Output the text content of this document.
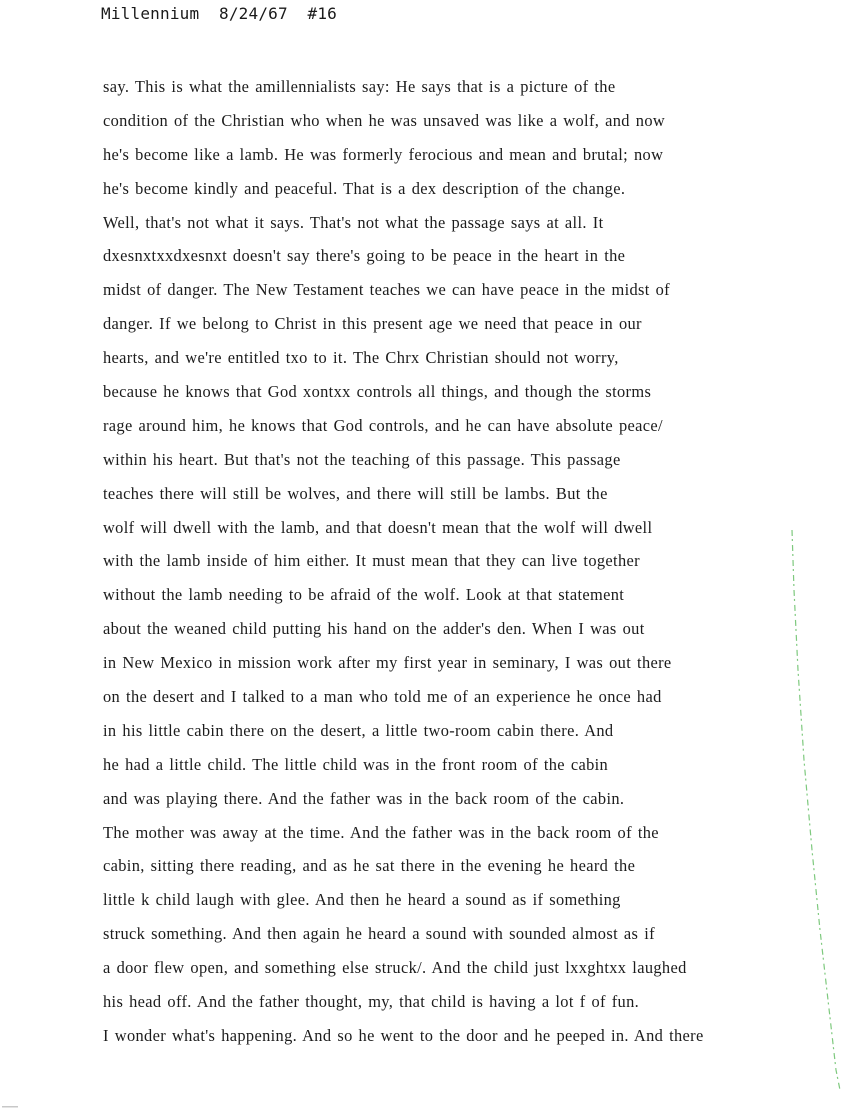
Millennium  8/24/67  #16
say. This is what the amillennialists say: He says that is a picture of the
condition of the Christian who when he was unsaved was like a wolf, and now
he's become like a lamb. He was formerly ferocious and mean and brutal; now
he's become kindly and peaceful. That is a dex description of the change.
Well, that's not what it says. That's not what the passage says at all. It
dxesnxtxxdxesnxt doesn't say there's going to be peace in the heart in the
midst of danger. The New Testament teaches we can have peace in the midst of
danger. If we belong to Christ in this present age we need that peace in our
hearts, and we're entitled txo to it. The Chrx Christian should not worry,
because he knows that God xontxx controls all things, and though the storms
rage around him, he knows that God controls, and he can have absolute peace/
within his heart. But that's not the teaching of this passage. This passage
teaches there will still be wolves, and there will still be lambs. But the
wolf will dwell with the lamb, and that doesn't mean that the wolf will dwell
with the lamb inside of him either. It must mean that they can live together
without the lamb needing to be afraid of the wolf. Look at that statement
about the weaned child putting his hand on the adder's den. When I was out
in New Mexico in mission work after my first year in seminary, I was out there
on the desert and I talked to a man who told me of an experience he once had
in his little cabin there on the desert, a little two-room cabin there. And
he had a little child. The little child was in the front room of the cabin
and was playing there. And the father was in the back room of the cabin.
The mother was away at the time. And the father was in the back room of the
cabin, sitting there reading, and as he sat there in the evening he heard the
little k child laugh with glee. And then he heard a sound as if something
struck something. And then again he heard a sound with sounded almost as if
a door flew open, and something else struck/. And the child just lxxghtxx laughed
his head off. And the father thought, my, that child is having a lot f of fun.
I wonder what's happening. And so he went to the door and he peeped in. And there
